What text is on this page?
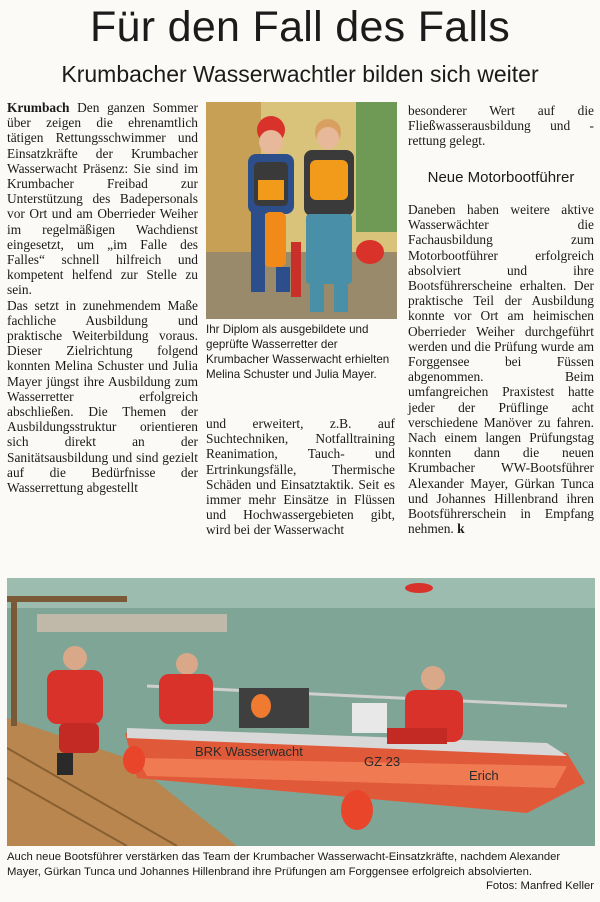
Für den Fall des Falls
Krumbacher Wasserwachtler bilden sich weiter

Krumbach Den ganzen Sommer über zeigen die ehrenamtlich tätigen Rettungsschwimmer und Einsatzkräfte der Krumbacher Wasserwacht Präsenz: Sie sind im Krumbacher Freibad zur Unterstützung des Badepersonals vor Ort und am Oberrieder Weiher im regelmäßigen Wachdienst eingesetzt, um „im Falle des Falles“ schnell hilfreich und kompetent helfend zur Stelle zu sein.

Das setzt in zunehmendem Maße fachliche Ausbildung und praktische Weiterbildung voraus. Dieser Zielrichtung folgend konnten Melina Schuster und Julia Mayer jüngst ihre Ausbildung zum Wasserretter erfolgreich abschließen. Die Themen der Ausbildungsstruktur orientieren sich direkt an der Sanitätsausbildung und sind gezielt auf die Bedürfnisse der Wasserrettung abgestellt

Ihr Diplom als ausgebildete und geprüfte Wasserretter der Krumbacher Wasserwacht erhielten Melina Schuster und Julia Mayer.
und erweitert, z.B. auf Suchtechniken, Notfalltraining Reanimation, Tauch- und Ertrinkungsfälle, Thermische Schäden und Einsatztaktik. Seit es immer mehr Einsätze in Flüssen und Hochwassergebieten gibt, wird bei der Wasserwacht
besonderer Wert auf die Fließwasserausbildung und -rettung gelegt.
Neue Motorbootführer
Daneben haben weitere aktive Wasserwächter die Fachausbildung zum Motorbootführer erfolgreich absolviert und ihre Bootsführerscheine erhalten. Der praktische Teil der Ausbildung konnte vor Ort am heimischen Oberrieder Weiher durchgeführt werden und die Prüfung wurde am Forggensee bei Füssen abgenommen. Beim umfangreichen Praxistest hatte jeder der Prüflinge acht verschiedene Manöver zu fahren. Nach einem langen Prüfungstag konnten dann die neuen Krumbacher WW-Bootsführer Alexander Mayer, Gürkan Tunca und Johannes Hillenbrand ihren Bootsführerschein in Empfang nehmen. k
BRK Wasserwacht
GZ 23
Erich
Auch neue Bootsführer verstärken das Team der Krumbacher Wasserwacht-Einsatzkräfte, nachdem Alexander Mayer, Gürkan Tunca und Johannes Hillenbrand ihre Prüfungen am Forggensee erfolgreich absolvierten.
Fotos: Manfred Keller
